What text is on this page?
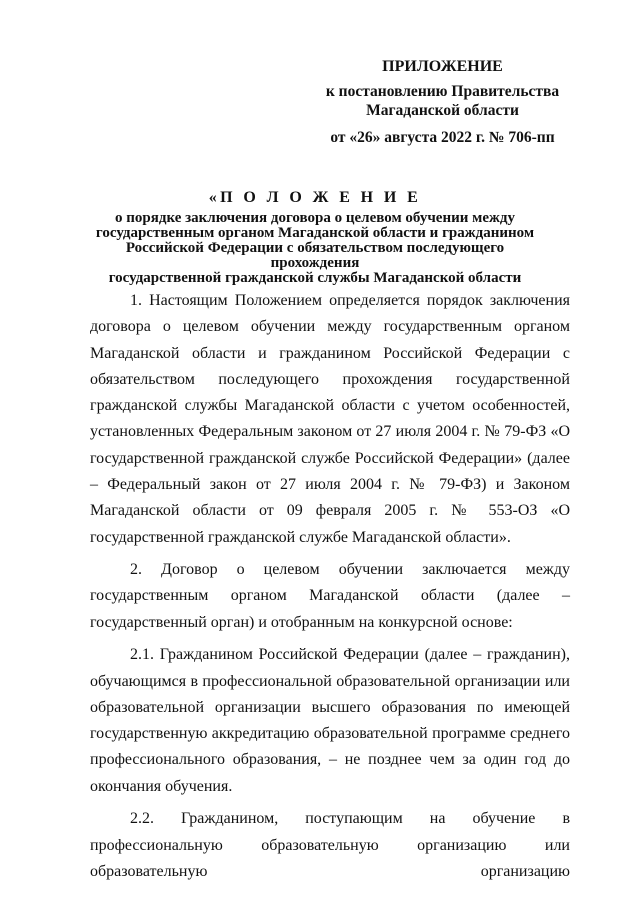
ПРИЛОЖЕНИЕ
к постановлению Правительства
Магаданской области
от «26» августа 2022 г. № 706-пп
«П О Л О Ж Е Н И Е
о порядке заключения договора о целевом обучении между
государственным органом Магаданской области и гражданином
Российской Федерации с обязательством последующего прохождения
государственной гражданской службы Магаданской области

1. Настоящим Положением определяется порядок заключения договора о целевом обучении между государственным органом Магаданской области и гражданином Российской Федерации с обязательством последующего прохождения государственной гражданской службы Магаданской области с учетом особенностей, установленных Федеральным законом от 27 июля 2004 г. № 79-ФЗ «О государственной гражданской службе Российской Федерации» (далее – Федеральный закон от 27 июля 2004 г. № 79-ФЗ) и Законом Магаданской области от 09 февраля 2005 г. № 553-ОЗ «О государственной гражданской службе Магаданской области».

2. Договор о целевом обучении заключается между государственным органом Магаданской области (далее – государственный орган) и отобранным на конкурсной основе:

2.1. Гражданином Российской Федерации (далее – гражданин), обучающимся в профессиональной образовательной организации или образовательной организации высшего образования по имеющей государственную аккредитацию образовательной программе среднего профессионального образования, – не позднее чем за один год до окончания обучения.

2.2. Гражданином, поступающим на обучение в профессиональную образовательную организацию или образовательную организацию
